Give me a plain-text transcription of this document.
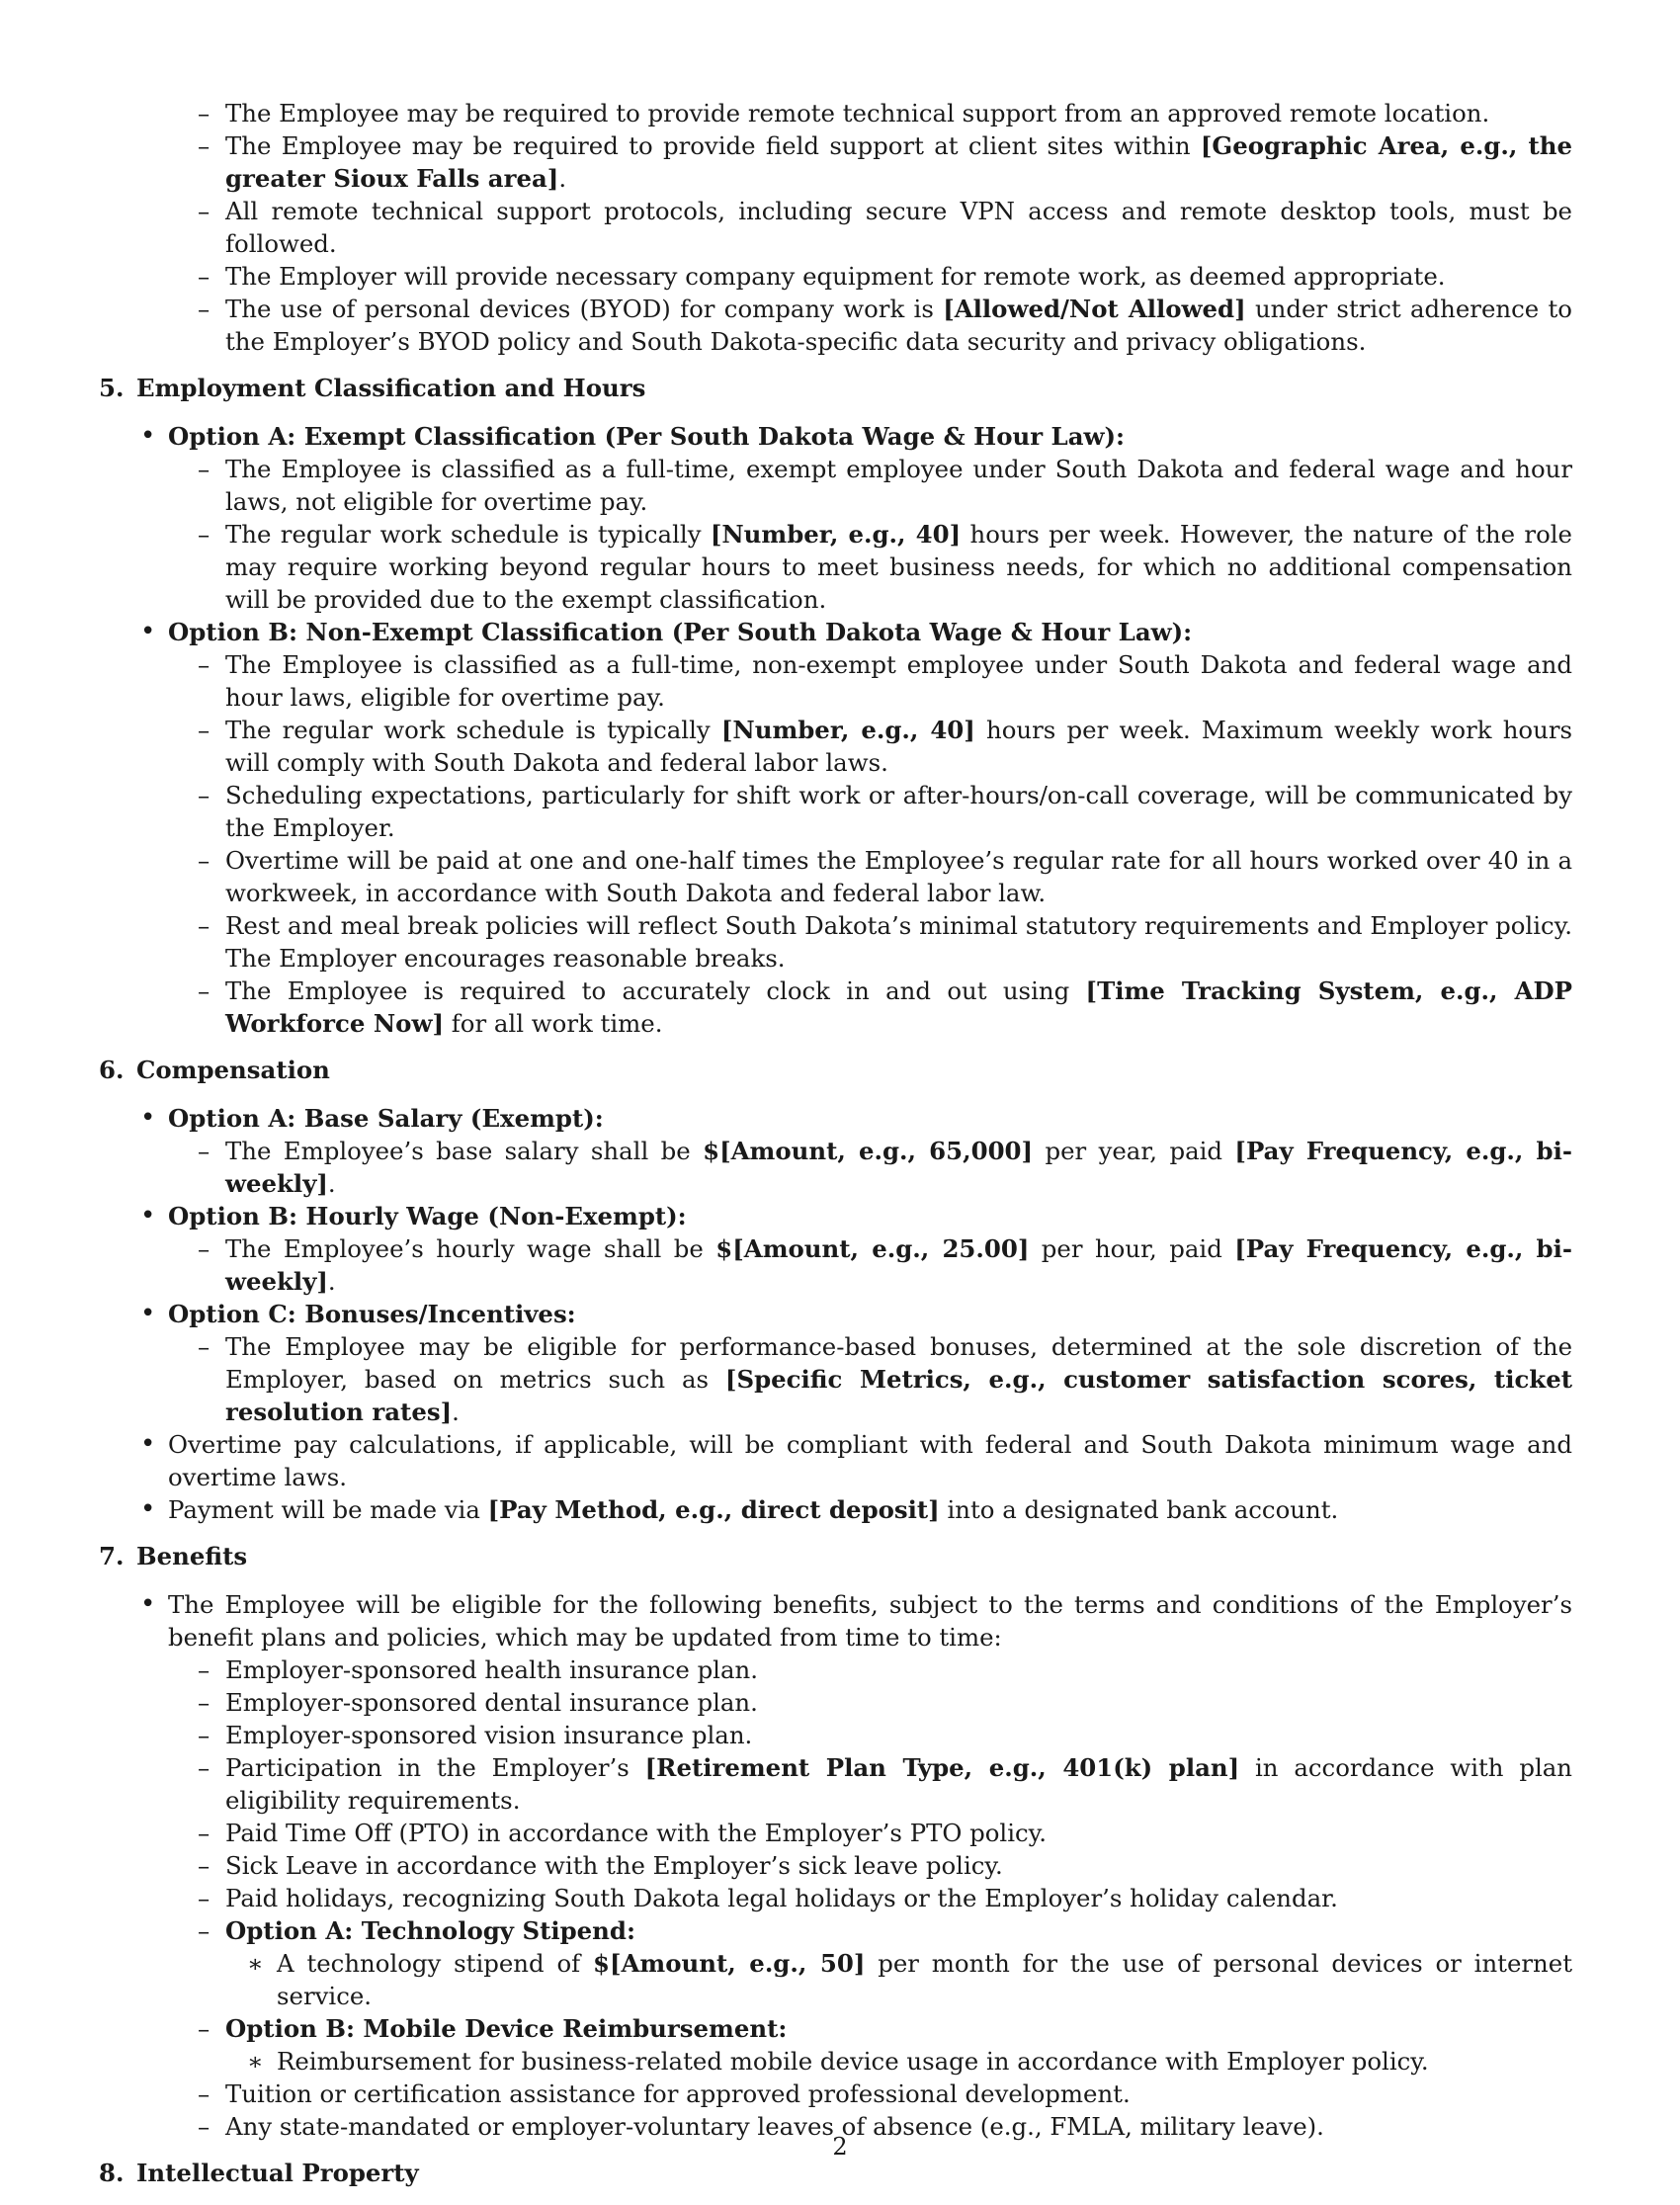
– The Employee may be required to provide remote technical support from an approved remote location.
– The Employee may be required to provide field support at client sites within [Geographic Area, e.g., the greater Sioux Falls area].
– All remote technical support protocols, including secure VPN access and remote desktop tools, must be followed.
– The Employer will provide necessary company equipment for remote work, as deemed appropriate.
– The use of personal devices (BYOD) for company work is [Allowed/Not Allowed] under strict adherence to the Employer’s BYOD policy and South Dakota-specific data security and privacy obligations.
5. Employment Classification and Hours
• Option A: Exempt Classification (Per South Dakota Wage & Hour Law):
– The Employee is classified as a full-time, exempt employee under South Dakota and federal wage and hour laws, not eligible for overtime pay.
– The regular work schedule is typically [Number, e.g., 40] hours per week. However, the nature of the role may require working beyond regular hours to meet business needs, for which no additional compensation will be provided due to the exempt classification.
• Option B: Non-Exempt Classification (Per South Dakota Wage & Hour Law):
– The Employee is classified as a full-time, non-exempt employee under South Dakota and federal wage and hour laws, eligible for overtime pay.
– The regular work schedule is typically [Number, e.g., 40] hours per week. Maximum weekly work hours will comply with South Dakota and federal labor laws.
– Scheduling expectations, particularly for shift work or after-hours/on-call coverage, will be communicated by the Employer.
– Overtime will be paid at one and one-half times the Employee’s regular rate for all hours worked over 40 in a workweek, in accordance with South Dakota and federal labor law.
– Rest and meal break policies will reflect South Dakota’s minimal statutory requirements and Employer policy. The Employer encourages reasonable breaks.
– The Employee is required to accurately clock in and out using [Time Tracking System, e.g., ADP Workforce Now] for all work time.
6. Compensation
• Option A: Base Salary (Exempt):
– The Employee’s base salary shall be $[Amount, e.g., 65,000] per year, paid [Pay Frequency, e.g., bi-weekly].
• Option B: Hourly Wage (Non-Exempt):
– The Employee’s hourly wage shall be $[Amount, e.g., 25.00] per hour, paid [Pay Frequency, e.g., bi-weekly].
• Option C: Bonuses/Incentives:
– The Employee may be eligible for performance-based bonuses, determined at the sole discretion of the Employer, based on metrics such as [Specific Metrics, e.g., customer satisfaction scores, ticket resolution rates].
• Overtime pay calculations, if applicable, will be compliant with federal and South Dakota minimum wage and overtime laws.
• Payment will be made via [Pay Method, e.g., direct deposit] into a designated bank account.
7. Benefits
• The Employee will be eligible for the following benefits, subject to the terms and conditions of the Employer’s benefit plans and policies, which may be updated from time to time:
– Employer-sponsored health insurance plan.
– Employer-sponsored dental insurance plan.
– Employer-sponsored vision insurance plan.
– Participation in the Employer’s [Retirement Plan Type, e.g., 401(k) plan] in accordance with plan eligibility requirements.
– Paid Time Off (PTO) in accordance with the Employer’s PTO policy.
– Sick Leave in accordance with the Employer’s sick leave policy.
– Paid holidays, recognizing South Dakota legal holidays or the Employer’s holiday calendar.
– Option A: Technology Stipend:
∗ A technology stipend of $[Amount, e.g., 50] per month for the use of personal devices or internet service.
– Option B: Mobile Device Reimbursement:
∗ Reimbursement for business-related mobile device usage in accordance with Employer policy.
– Tuition or certification assistance for approved professional development.
– Any state-mandated or employer-voluntary leaves of absence (e.g., FMLA, military leave).
8. Intellectual Property
2
